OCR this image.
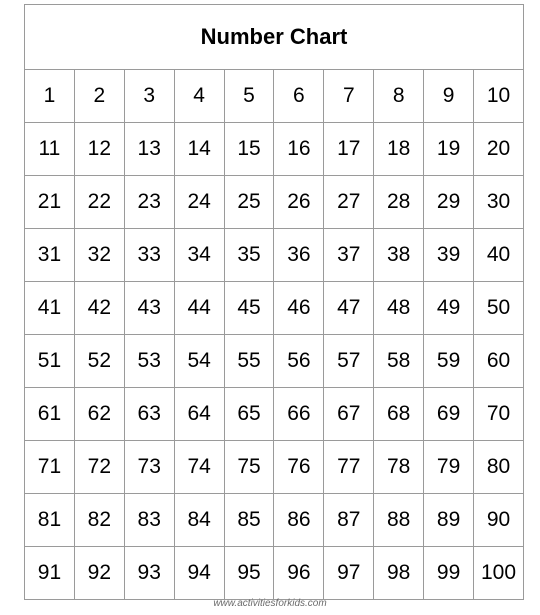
Number Chart									
1	2	3	4	5	6	7	8	9	10
11	12	13	14	15	16	17	18	19	20
21	22	23	24	25	26	27	28	29	30
31	32	33	34	35	36	37	38	39	40
41	42	43	44	45	46	47	48	49	50
51	52	53	54	55	56	57	58	59	60
61	62	63	64	65	66	67	68	69	70
71	72	73	74	75	76	77	78	79	80
81	82	83	84	85	86	87	88	89	90
91	92	93	94	95	96	97	98	99	100
www.activitiesforkids.com
